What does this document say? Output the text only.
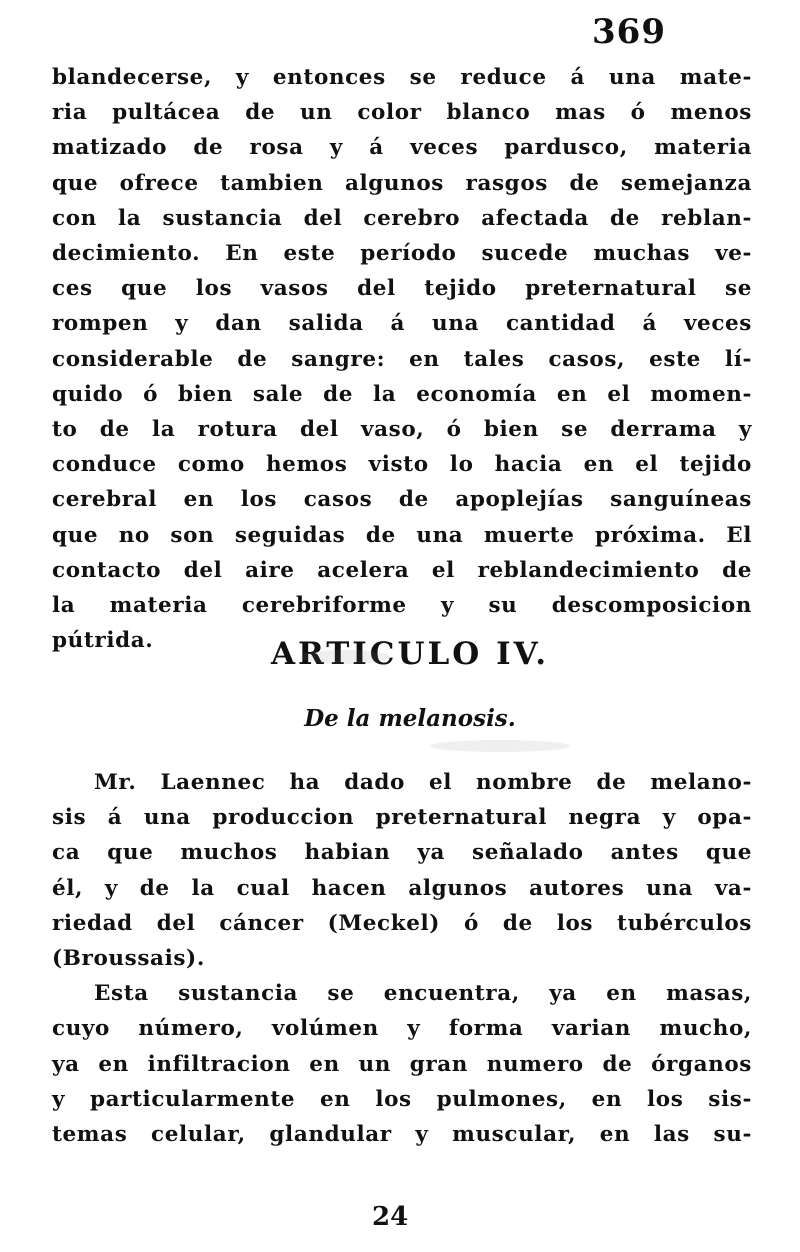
369
blandecerse, y entonces se reduce á una mate-
ria pultácea de un color blanco mas ó menos
matizado de rosa y á veces pardusco, materia
que ofrece tambien algunos rasgos de semejanza
con la sustancia del cerebro afectada de reblan-
decimiento. En este período sucede muchas ve-
ces que los vasos del tejido preternatural se
rompen y dan salida á una cantidad á veces
considerable de sangre: en tales casos, este lí-
quido ó bien sale de la economía en el momen-
to de la rotura del vaso, ó bien se derrama y
conduce como hemos visto lo hacia en el tejido
cerebral en los casos de apoplejías sanguíneas
que no son seguidas de una muerte próxima. El
contacto del aire acelera el reblandecimiento de
la materia cerebriforme y su descomposicion
pútrida.	ARTICULO IV.
De la melanosis.
Mr. Laennec ha dado el nombre de melano-
sis á una produccion preternatural negra y opa-
ca que muchos habian ya señalado antes que
él, y de la cual hacen algunos autores una va-
riedad del cáncer (Meckel) ó de los tubérculos
(Broussais).
Esta sustancia se encuentra, ya en masas,
cuyo número, volúmen y forma varian mucho,
ya en infiltracion en un gran numero de órganos
y particularmente en los pulmones, en los sis-
temas celular, glandular y muscular, en las su-
24
